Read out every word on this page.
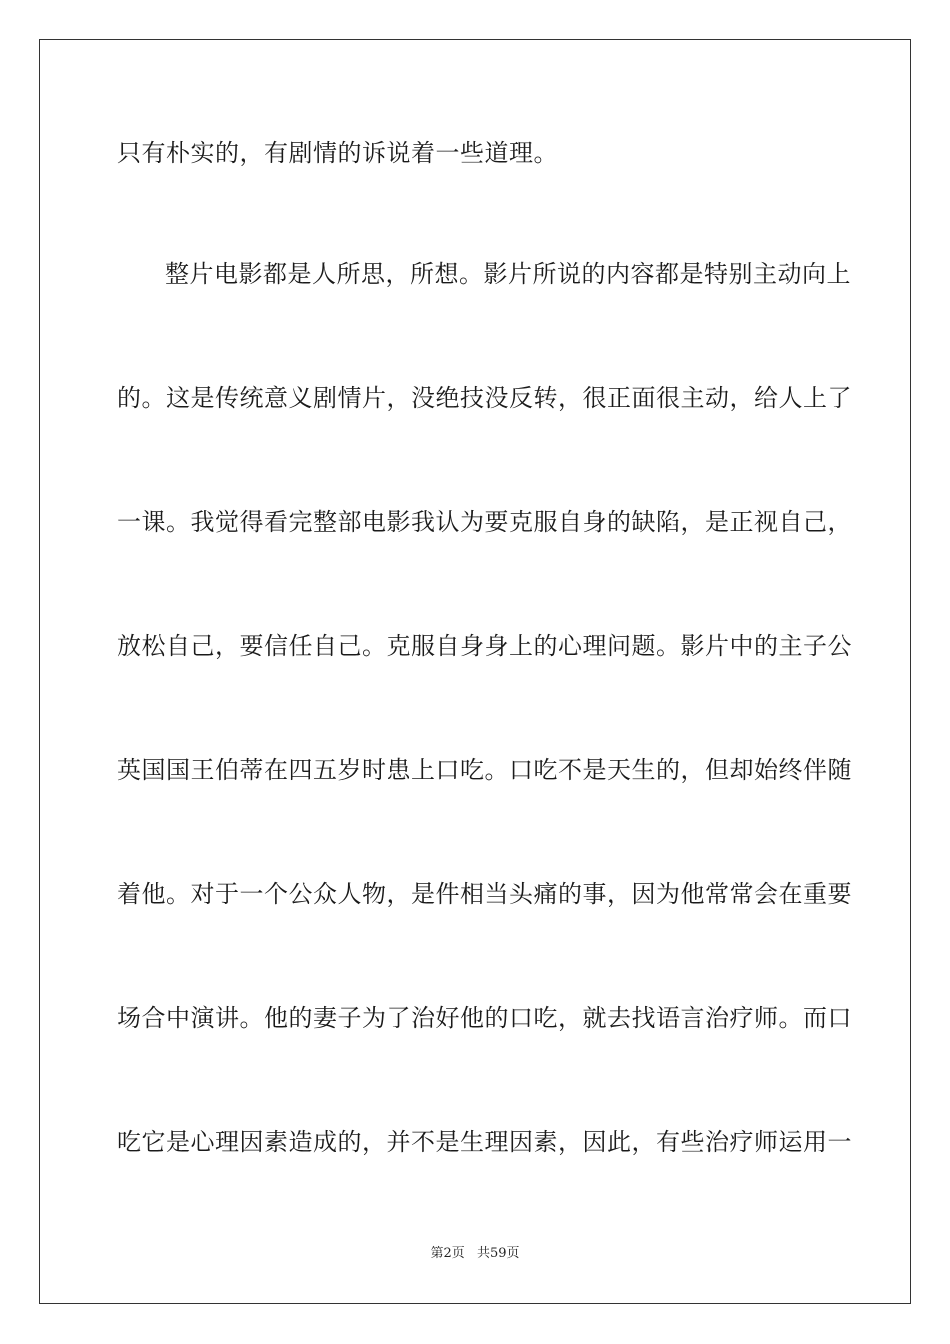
只有朴实的，有剧情的诉说着一些道理。
整片电影都是人所思，所想。影片所说的内容都是特别主动向上
的。这是传统意义剧情片，没绝技没反转，很正面很主动，给人上了
一课。我觉得看完整部电影我认为要克服自身的缺陷，是正视自己，
放松自己，要信任自己。克服自身身上的心理问题。影片中的主子公
英国国王伯蒂在四五岁时患上口吃。口吃不是天生的，但却始终伴随
着他。对于一个公众人物，是件相当头痛的事，因为他常常会在重要
场合中演讲。他的妻子为了治好他的口吃，就去找语言治疗师。而口
吃它是心理因素造成的，并不是生理因素，因此，有些治疗师运用一
第2页 共59页
